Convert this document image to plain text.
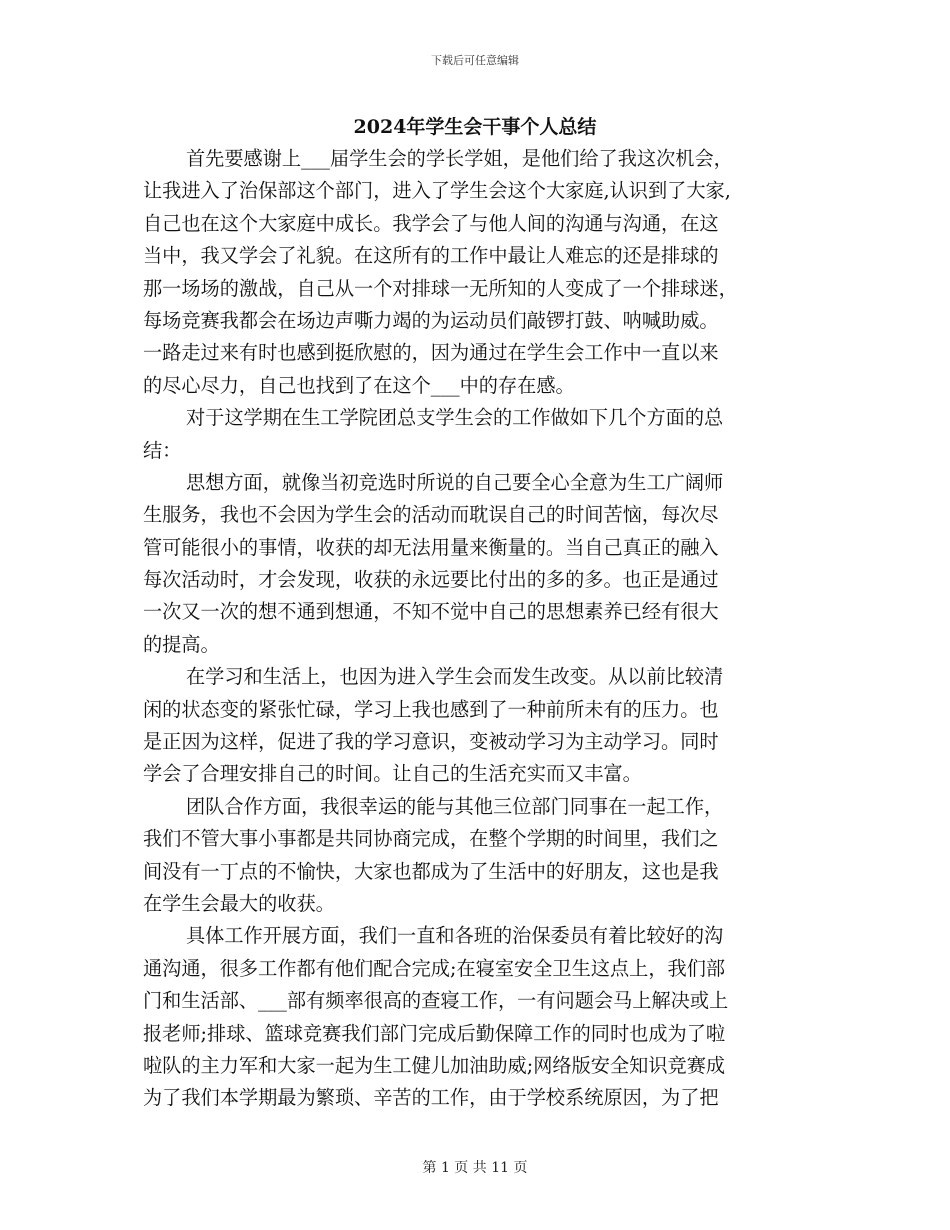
下载后可任意编辑
2024年学生会干事个人总结
首先要感谢上___届学生会的学长学姐，是他们给了我这次机会，
让我进入了治保部这个部门，进入了学生会这个大家庭,认识到了大家,
自己也在这个大家庭中成长。我学会了与他人间的沟通与沟通，在这
当中，我又学会了礼貌。在这所有的工作中最让人难忘的还是排球的
那一场场的激战，自己从一个对排球一无所知的人变成了一个排球迷，
每场竞赛我都会在场边声嘶力竭的为运动员们敲锣打鼓、呐喊助威。
一路走过来有时也感到挺欣慰的，因为通过在学生会工作中一直以来
的尽心尽力，自己也找到了在这个___中的存在感。
对于这学期在生工学院团总支学生会的工作做如下几个方面的总
结：
思想方面，就像当初竞选时所说的自己要全心全意为生工广阔师
生服务，我也不会因为学生会的活动而耽误自己的时间苦恼，每次尽
管可能很小的事情，收获的却无法用量来衡量的。当自己真正的融入
每次活动时，才会发现，收获的永远要比付出的多的多。也正是通过
一次又一次的想不通到想通，不知不觉中自己的思想素养已经有很大
的提高。
在学习和生活上，也因为进入学生会而发生改变。从以前比较清
闲的状态变的紧张忙碌，学习上我也感到了一种前所未有的压力。也
是正因为这样，促进了我的学习意识，变被动学习为主动学习。同时
学会了合理安排自己的时间。让自己的生活充实而又丰富。
团队合作方面，我很幸运的能与其他三位部门同事在一起工作，
我们不管大事小事都是共同协商完成，在整个学期的时间里，我们之
间没有一丁点的不愉快，大家也都成为了生活中的好朋友，这也是我
在学生会最大的收获。
具体工作开展方面，我们一直和各班的治保委员有着比较好的沟
通沟通，很多工作都有他们配合完成;在寝室安全卫生这点上，我们部
门和生活部、___部有频率很高的查寝工作，一有问题会马上解决或上
报老师;排球、篮球竞赛我们部门完成后勤保障工作的同时也成为了啦
啦队的主力军和大家一起为生工健儿加油助威;网络版安全知识竞赛成
为了我们本学期最为繁琐、辛苦的工作，由于学校系统原因，为了把
第 1 页 共 11 页
